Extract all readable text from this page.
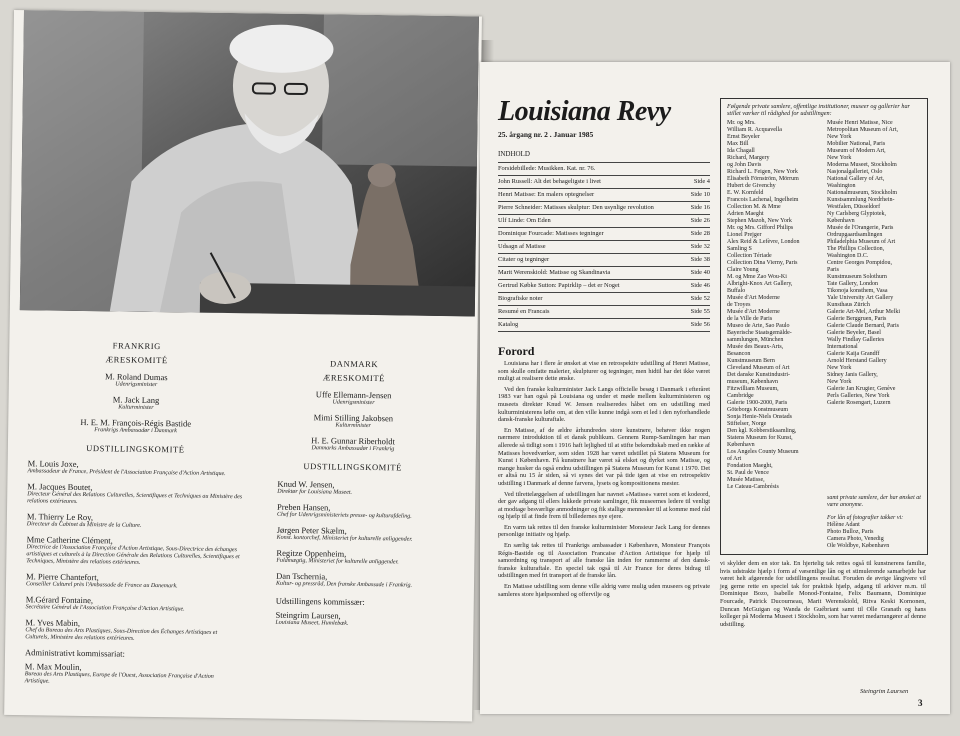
FRANKRIG
ÆRESKOMITÉ
M. Roland Dumas
Udenrigsminister
M. Jack Lang
Kulturminister
H. E. M. François-Régis Bastide
Frankrigs Ambassadør i Danmark
UDSTILLINGSKOMITÉ
M. Louis Joxe,
Ambassadeur de France, Président de l'Association Française d'Action Artistique.
M. Jacques Boutet,
Directeur Général des Relations Culturelles, Scientifiques et Techniques au Ministère des relations extérieures.
M. Thierry Le Roy,
Directeur du Cabinet du Ministre de la Culture.
Mme Catherine Clément,
Directrice de l'Association Française d'Action Artistique, Sous-Directrice des échanges artistiques et culturels à la Direction Générale des Relations Culturelles, Scientifiques et Techniques, Ministère des relations extérieures.
M. Pierre Chantefort,
Conseiller Culturel près l'Ambassade de France au Danemark.
M.Gérard Fontaine,
Secrétaire Général de l'Association Française d'Action Artistique.
M. Yves Mabin,
Chef du Bureau des Arts Plastiques, Sous-Direction des Échanges Artistiques et Culturels, Ministère des relations extérieures.
Administrativt kommissariat:
M. Max Moulin,
Bureau des Arts Plastiques, Europe de l'Ouest, Association Française d'Action Artistique.
DANMARK
ÆRESKOMITÉ
Uffe Ellemann-Jensen
Udenrigsminister
Mimi Stilling Jakobsen
Kulturminister
H. E. Gunnar Riberholdt
Danmarks Ambassadør i Frankrig
UDSTILLINGSKOMITÉ
Knud W. Jensen,
Direktør for Louisiana Museet.
Preben Hansen,
Chef for Udenrigsministeriets presse- og kulturafdeling.
Jørgen Peter Skælm,
Konst. kontorchef, Ministeriet for kulturelle anliggender.
Regitze Oppenheim,
Fuldmægtig, Ministeriet for kulturelle anliggender.
Dan Tschernia,
Kultur- og pressråd, Den franske Ambassade i Frankrig.
Udstillingens kommissær:
Steingrim Laursen,
Louisiana Museet, Humlebæk.
Louisiana Revy
25. årgang nr. 2 . Januar 1985
INDHOLD
Forsidebillede: Musikken. Kat. nr. 76.
John Russell: Alt det behageligste i livet	Side 4
Henri Matisse: En malers optegnelser	Side 10
Pierre Schneider: Matisses skulptur: Den usynlige revolution	Side 16
Ulf Linde: Om Eden	Side 26
Dominique Fourcade: Matisses tegninger	Side 28
Udsagn af Matisse	Side 32
Citater og tegninger	Side 38
Marit Werenskiold: Matisse og Skandinavia	Side 40
Gertrud Købke Sutton: Papirklip – det er Noget	Side 46
Biografiske noter	Side 52
Resumé en Francais	Side 55
Katalog	Side 56
Forord

Louisiana har i flere år ønsket at vise en retrospektiv udstilling af Henri Matisse, som skulle omfatte malerier, skulpturer og tegninger, men hidtil har det ikke været muligt at realisere dette ønske.

Ved den franske kulturminister Jack Langs officielle besøg i Danmark i efteråret 1983 var han også på Louisiana og under et møde mellem kulturministeren og museets direktør Knud W. Jensen realiseredes håbet om en udstilling med kulturministerens løfte om, at den ville kunne indgå som et led i den nyforhandlede dansk-franske kulturaftale.

En Matisse, af de ældre århundredes store kunstnere, behøver ikke nogen nærmere introduktion til et dansk publikum. Gennem Rump-Samlingen har man allerede så tidligt som i 1916 haft lejlighed til at stifte bekendtskab med en række af Matisses hovedværker, som siden 1928 har været udstillet på Statens Museum for Kunst i København. Få kunstnere har været så elsket og dyrket som Matisse, og mange husker da også endnu udstillingen på Statens Museum for Kunst i 1970. Det er altså nu 15 år siden, så vi synes det var på tide igen at vise en retrospektiv udstilling i Danmark af denne farvens, lysets og kompositionens mester.

Ved tilrettelæggelsen af udstillingen har navnet »Matisse« været som et kodeord, der gav adgang til ellers lukkede private samlinger, fik museernes ledere til venligt at modtage besværlige anmodninger og fik stallige mennesker til at komme med råd og hjælp til at finde frem til billedernes nye ejere.

En varm tak rettes til den franske kulturminister Monsieur Jack Lang for dennes personlige initiativ og hjælp.

En særlig tak rettes til Frankrigs ambassadør i København, Monsieur François Régis-Bastide og til Association Francaise d'Action Artistique for hjælp til samordning og transport af alle franske lån inden for rammerne af den dansk-franske kulturaftale. En speciel tak også til Air France for deres bidrag til udstillingen med fri transport af de franske lån.

En Matisse udstilling som denne ville aldrig være mulig uden museers og private samleres store hjælpsomhed og offervilje og

Følgende private samlere, offentlige institutioner, museer og gallerier har stillet værker til rådighed for udstillingen:
Mr. og Mrs.
William R. Acquavella
Ernst Beyeler
Max Bill
Ida Chagall
Richard, Margery
og John Davis
Richard L. Feigen, New York
Elisabeth Förnström, Mörrum
Hubert de Givenchy
E. W. Kornfeld
Francois Lachenal, Ingelheim
Collection M. & Mme
Adrien Maeght
Stephen Mazoh, New York
Mr. og Mrs. Gifford Philips
Lionel Prejger
Alex Reid & Lefèvre, London
Samling S
Collection Tériade
Collection Dina Vierny, Paris
Claire Young
M. og Mme Zao Wou-Ki
Albright-Knox Art Gallery,
Buffalo
Musée d'Art Moderne
de Troyes
Musée d'Art Moderne
de la Ville de Paris
Museo de Arte, Sao Paulo
Bayerische Staatsgemälde-
sammlungen, München
Musée des Beaux-Arts,
Besancon
Kunstmuseum Bern
Cleveland Museum of Art
Det danske Kunstindustri-
museum, København
Fitzwilliam Museum,
Cambridge
Galerie 1900-2000, Paris
Göteborgs Konstmuseum
Sonja Henie-Niels Onstads
Stiftelser, Norge
Den kgl. Kobberstiksamling,
Statens Museum for Kunst,
København
Los Angeles County Museum
of Art
Fondation Maeght,
St. Paul de Vence
Musée Matisse,
Le Cateau-Cambrésis
Musée Henri Matisse, Nice
Metropolitan Museum of Art,
New York
Mobilier National, Paris
Museum of Modern Art,
New York
Moderna Museet, Stockholm
Nasjonalgalleriet, Oslo
National Gallery of Art,
Washington
Nationalmuseum, Stockholm
Kunstsammlung Nordrhein-
Westfalen, Düsseldorf
Ny Carlsberg Glyptotek,
København
Musée de l'Orangerie, Paris
Ordrupgaardsamlingen
Philadelphia Museum of Art
The Phillips Collection,
Washington D.C.
Centre Georges Pompidou,
Paris
Kunstmuseum Solothurn
Tate Gallery, London
Tikonoja konsthem, Vasa
Yale University Art Gallery
Kunsthaus Zürich
Galerie Art-Mel, Arthur Melki
Galerie Berggruen, Paris
Galerie Claude Bernard, Paris
Galerie Beyeler, Basel
Wally Findlay Galleries
International
Galerie Kaija Grandff
Arnold Herstand Gallery
New York
Sidney Janis Gallery,
New York
Galerie Jan Krugier, Genève
Perls Galleries, New York
Galerie Rosengart, Luzern
samt private samlere, der har ønsket at være anonyme.
For lån af fotografier takker vi:
Hélène Adant
Photo Bulloz, Paris
Camera Photo, Venedig
Ole Woldbye, København

vi skylder dem en stor tak. En hjertelig tak rettes også til kunstnerens familie, hvis udstrakte hjælp i form af væsentlige lån og et stimulerende samarbejde har været helt afgørende for udstillingens resultat. Foruden de øvrige långivere vil jeg gerne rette en speciel tak for praktisk hjælp, adgang til arkiver m.m. til Dominique Bozo, Isabelle Monod-Fontaine, Felix Baumann, Dominique Fourcade, Patrick Ducourneau, Marit Werenskiold, Ritva Keski Kornonen, Duncan McGuigan og Wanda de Guébriant samt til Olle Granath og hans kolleger på Moderna Museet i Stockholm, som har været medarrangører af denne udstilling.

Steingrim Laursen
3
